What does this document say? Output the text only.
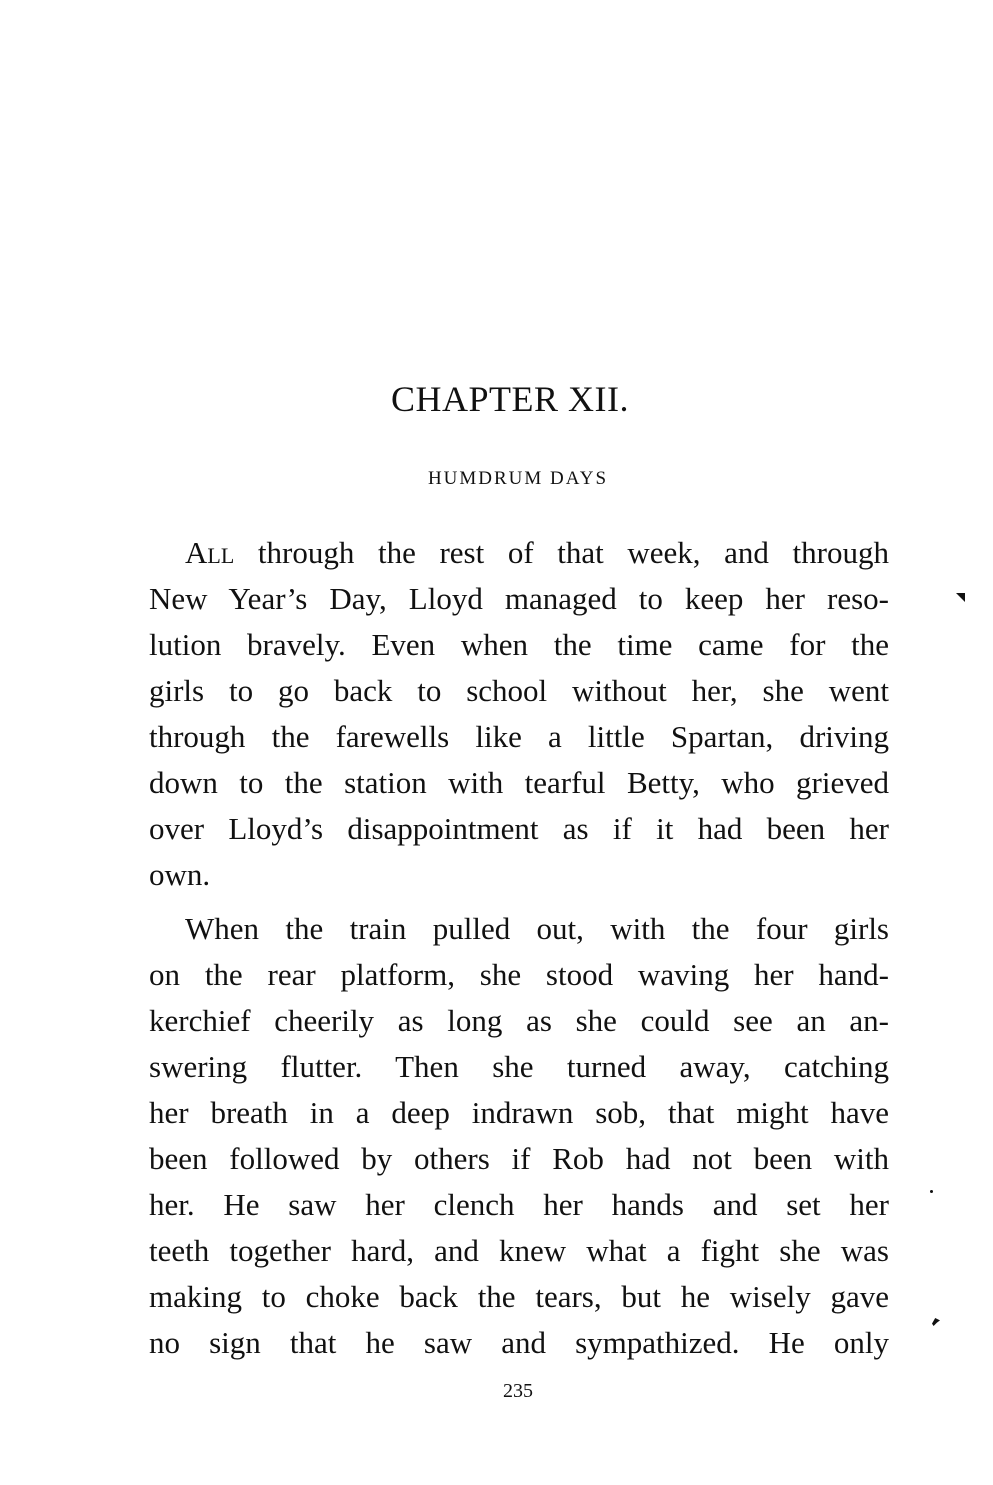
CHAPTER XII.
HUMDRUM DAYS
All through the rest of that week, and through
New Year’s Day, Lloyd managed to keep her reso-
lution bravely. Even when the time came for the
girls to go back to school without her, she went
through the farewells like a little Spartan, driving
down to the station with tearful Betty, who grieved
over Lloyd’s disappointment as if it had been her
own.
When the train pulled out, with the four girls
on the rear platform, she stood waving her hand-
kerchief cheerily as long as she could see an an-
swering flutter. Then she turned away, catching
her breath in a deep indrawn sob, that might have
been followed by others if Rob had not been with
her. He saw her clench her hands and set her
teeth together hard, and knew what a fight she was
making to choke back the tears, but he wisely gave
no sign that he saw and sympathized. He only

235
